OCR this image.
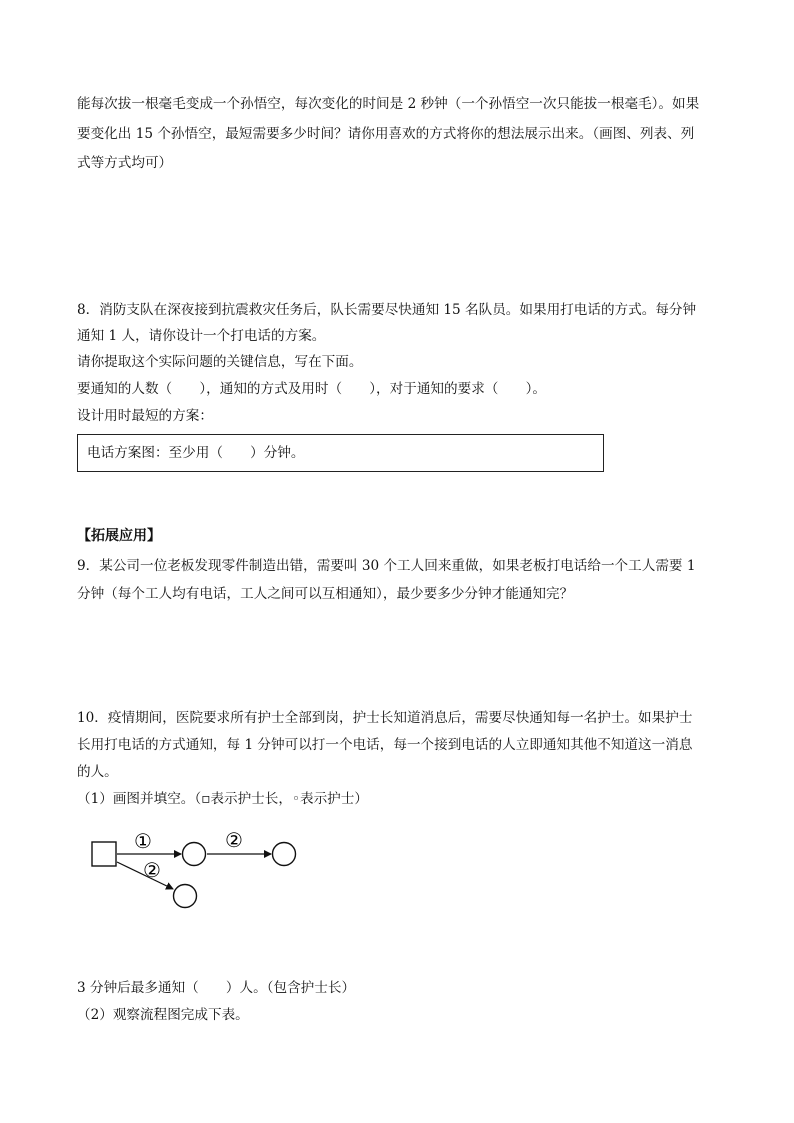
能每次拔一根毫毛变成一个孙悟空，每次变化的时间是 2 秒钟（一个孙悟空一次只能拔一根毫毛）。如果
要变化出 15 个孙悟空，最短需要多少时间？请你用喜欢的方式将你的想法展示出来。（画图、列表、列
式等方式均可）
8．消防支队在深夜接到抗震救灾任务后，队长需要尽快通知 15 名队员。如果用打电话的方式。每分钟
通知 1 人，请你设计一个打电话的方案。
请你提取这个实际问题的关键信息，写在下面。
要通知的人数（　　），通知的方式及用时（　　），对于通知的要求（　　）。
设计用时最短的方案：
电话方案图：至少用（　　）分钟。
【拓展应用】
9．某公司一位老板发现零件制造出错，需要叫 30 个工人回来重做，如果老板打电话给一个工人需要 1
分钟（每个工人均有电话，工人之间可以互相通知），最少要多少分钟才能通知完？
10．疫情期间，医院要求所有护士全部到岗，护士长知道消息后，需要尽快通知每一名护士。如果护士
长用打电话的方式通知，每 1 分钟可以打一个电话，每一个接到电话的人立即通知其他不知道这一消息
的人。
（1）画图并填空。（▫表示护士长，◦表示护士）
①	②
②
3 分钟后最多通知（　　）人。（包含护士长）
（2）观察流程图完成下表。
